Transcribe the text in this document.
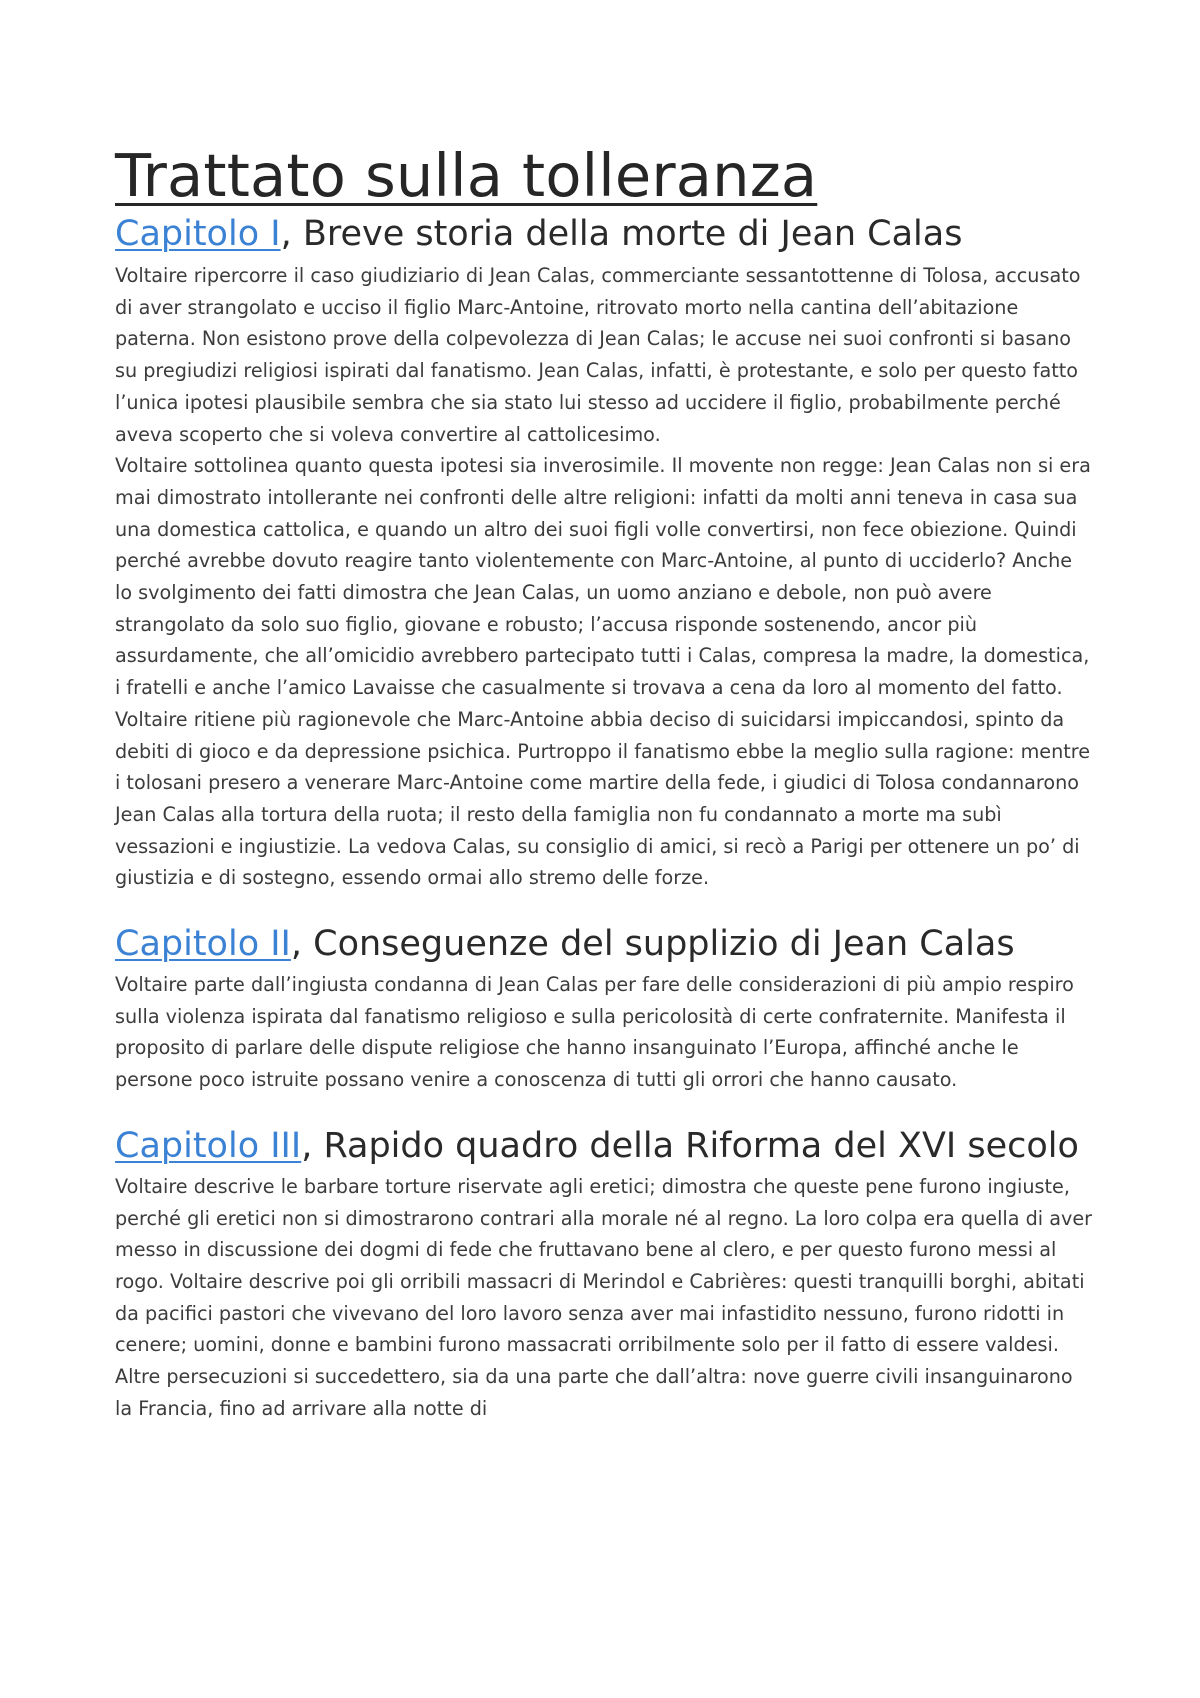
Trattato sulla tolleranza
Capitolo I, Breve storia della morte di Jean Calas

Voltaire ripercorre il caso giudiziario di Jean Calas, commerciante sessantottenne di Tolosa, accusato di aver strangolato e ucciso il figlio Marc-Antoine, ritrovato morto nella cantina dell’abitazione paterna. Non esistono prove della colpevolezza di Jean Calas; le accuse nei suoi confronti si basano su pregiudizi religiosi ispirati dal fanatismo. Jean Calas, infatti, è protestante, e solo per questo fatto l’unica ipotesi plausibile sembra che sia stato lui stesso ad uccidere il figlio, probabilmente perché aveva scoperto che si voleva convertire al cattolicesimo.

Voltaire sottolinea quanto questa ipotesi sia inverosimile. Il movente non regge: Jean Calas non si era mai dimostrato intollerante nei confronti delle altre religioni: infatti da molti anni teneva in casa sua una domestica cattolica, e quando un altro dei suoi figli volle convertirsi, non fece obiezione. Quindi perché avrebbe dovuto reagire tanto violentemente con Marc-Antoine, al punto di ucciderlo? Anche lo svolgimento dei fatti dimostra che Jean Calas, un uomo anziano e debole, non può avere strangolato da solo suo figlio, giovane e robusto; l’accusa risponde sostenendo, ancor più assurdamente, che all’omicidio avrebbero partecipato tutti i Calas, compresa la madre, la domestica, i fratelli e anche l’amico Lavaisse che casualmente si trovava a cena da loro al momento del fatto. Voltaire ritiene più ragionevole che Marc-Antoine abbia deciso di suicidarsi impiccandosi, spinto da debiti di gioco e da depressione psichica. Purtroppo il fanatismo ebbe la meglio sulla ragione: mentre i tolosani presero a venerare Marc-Antoine come martire della fede, i giudici di Tolosa condannarono Jean Calas alla tortura della ruota; il resto della famiglia non fu condannato a morte ma subì vessazioni e ingiustizie. La vedova Calas, su consiglio di amici, si recò a Parigi per ottenere un po’ di giustizia e di sostegno, essendo ormai allo stremo delle forze.

Capitolo II, Conseguenze del supplizio di Jean Calas

Voltaire parte dall’ingiusta condanna di Jean Calas per fare delle considerazioni di più ampio respiro sulla violenza ispirata dal fanatismo religioso e sulla pericolosità di certe confraternite. Manifesta il proposito di parlare delle dispute religiose che hanno insanguinato l’Europa, affinché anche le persone poco istruite possano venire a conoscenza di tutti gli orrori che hanno causato.

Capitolo III, Rapido quadro della Riforma del XVI secolo

Voltaire descrive le barbare torture riservate agli eretici; dimostra che queste pene furono ingiuste, perché gli eretici non si dimostrarono contrari alla morale né al regno. La loro colpa era quella di aver messo in discussione dei dogmi di fede che fruttavano bene al clero, e per questo furono messi al rogo. Voltaire descrive poi gli orribili massacri di Merindol e Cabrières: questi tranquilli borghi, abitati da pacifici pastori che vivevano del loro lavoro senza aver mai infastidito nessuno, furono ridotti in cenere; uomini, donne e bambini furono massacrati orribilmente solo per il fatto di essere valdesi. Altre persecuzioni si succedettero, sia da una parte che dall’altra: nove guerre civili insanguinarono la Francia, fino ad arrivare alla notte di
